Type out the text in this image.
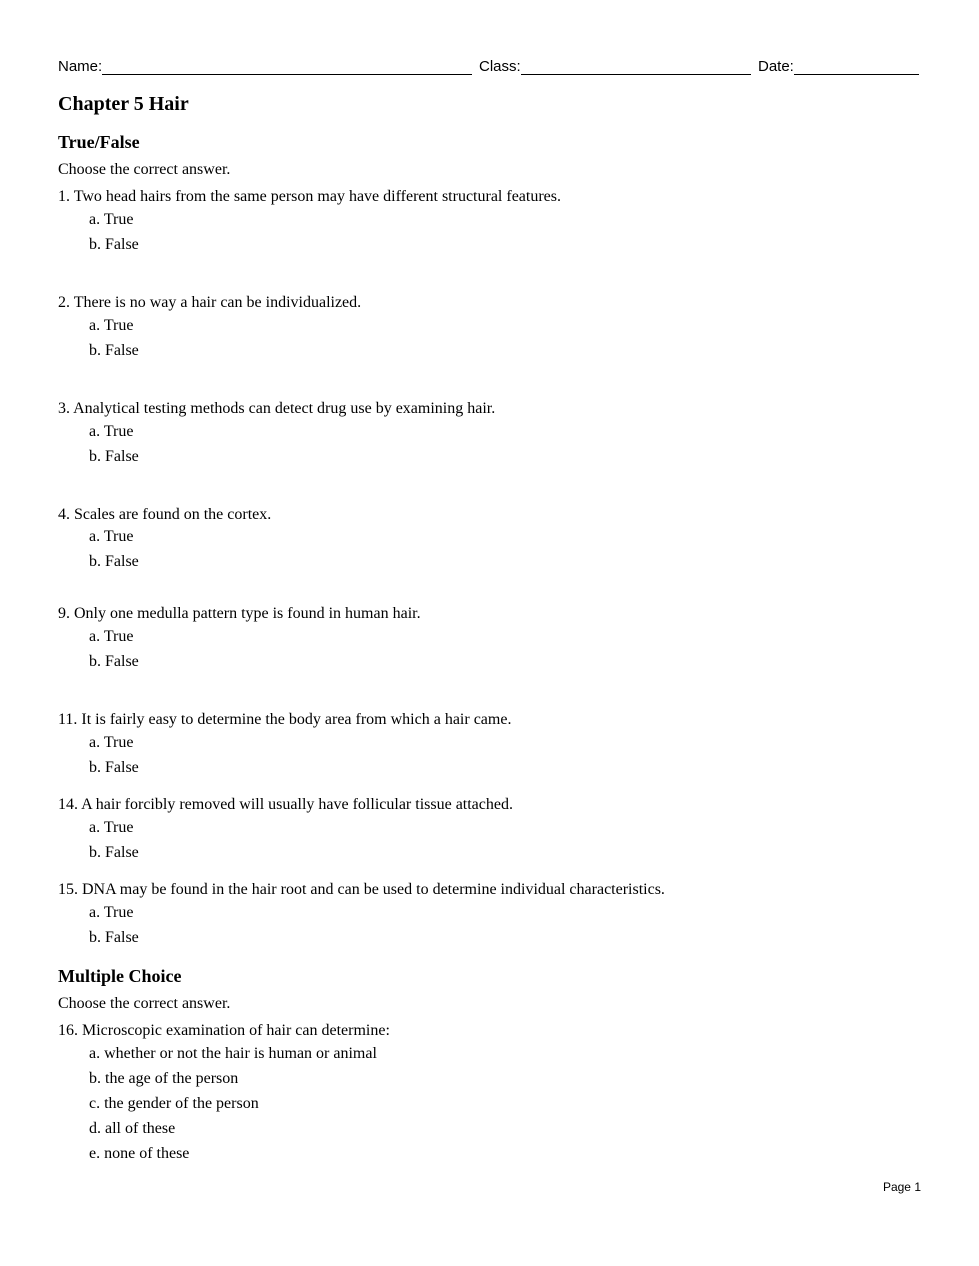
Name:	Class:	Date:
Chapter 5 Hair
True/False
Choose the correct answer.
1. Two head hairs from the same person may have different structural features.
a. True
b. False
2. There is no way a hair can be individualized.
a. True
b. False
3. Analytical testing methods can detect drug use by examining hair.
a. True
b. False
4. Scales are found on the cortex.
a. True
b. False
9. Only one medulla pattern type is found in human hair.
a. True
b. False
11. It is fairly easy to determine the body area from which a hair came.
a. True
b. False
14. A hair forcibly removed will usually have follicular tissue attached.
a. True
b. False
15. DNA may be found in the hair root and can be used to determine individual characteristics.
a. True
b. False
Multiple Choice
Choose the correct answer.
16. Microscopic examination of hair can determine:
a. whether or not the hair is human or animal
b. the age of the person
c. the gender of the person
d. all of these
e. none of these
Page 1
